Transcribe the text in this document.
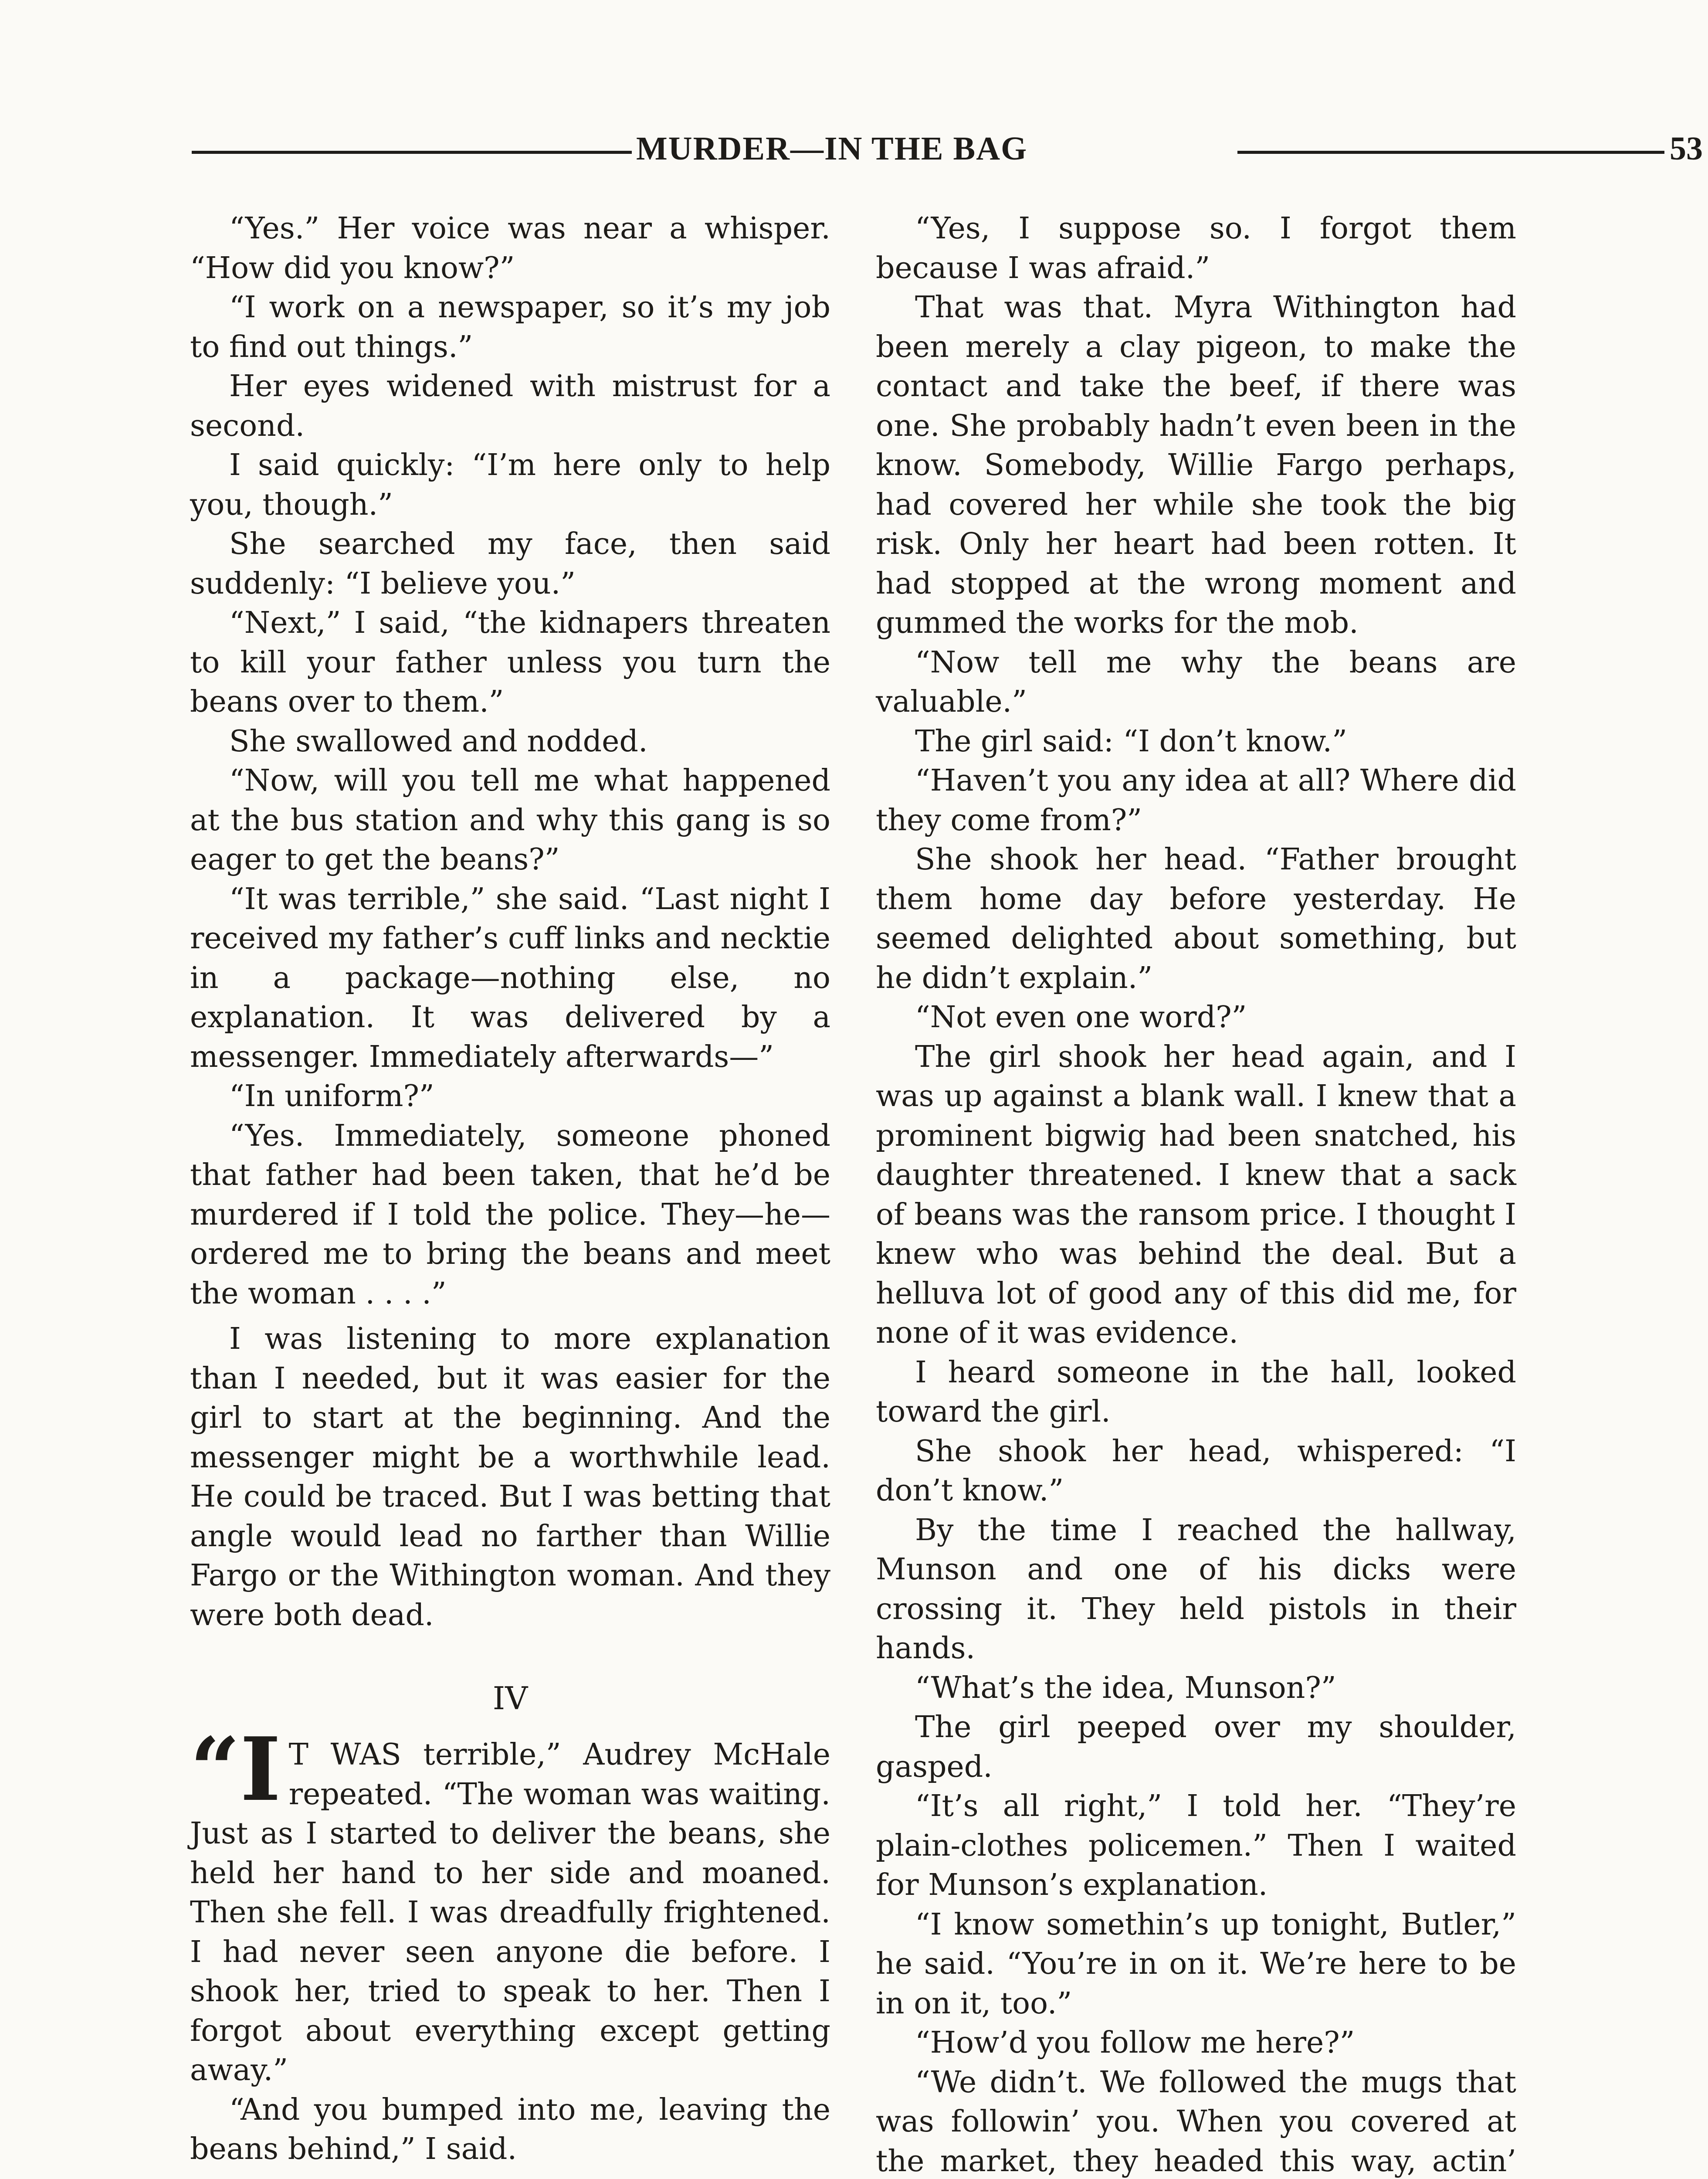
MURDER—IN THE BAG	53

“Yes.” Her voice was near a whisper. “How did you know?”

“I work on a newspaper, so it’s my job to find out things.”

Her eyes widened with mistrust for a second.

I said quickly: “I’m here only to help you, though.”

She searched my face, then said suddenly: “I believe you.”

“Next,” I said, “the kidnapers threaten to kill your father unless you turn the beans over to them.”

She swallowed and nodded.

“Now, will you tell me what happened at the bus station and why this gang is so eager to get the beans?”

“It was terrible,” she said. “Last night I received my father’s cuff links and necktie in a package—nothing else, no explanation. It was delivered by a messenger. Immediately afterwards—”

“In uniform?”

“Yes. Immediately, someone phoned that father had been taken, that he’d be murdered if I told the police. They—he—ordered me to bring the beans and meet the woman . . . .”

I was listening to more explanation than I needed, but it was easier for the girl to start at the beginning. And the messenger might be a worthwhile lead. He could be traced. But I was betting that angle would lead no farther than Willie Fargo or the Withington woman. And they were both dead.

IV

“I T WAS terrible,” Audrey McHale repeated. “The woman was waiting. Just as I started to deliver the beans, she held her hand to her side and moaned. Then she fell. I was dreadfully frightened. I had never seen anyone die before. I shook her, tried to speak to her. Then I forgot about everything except getting away.”

“And you bumped into me, leaving the beans behind,” I said.

“Yes, I suppose so. I forgot them because I was afraid.”

That was that. Myra Withington had been merely a clay pigeon, to make the contact and take the beef, if there was one. She probably hadn’t even been in the know. Somebody, Willie Fargo perhaps, had covered her while she took the big risk. Only her heart had been rotten. It had stopped at the wrong moment and gummed the works for the mob.

“Now tell me why the beans are valuable.”

The girl said: “I don’t know.”

“Haven’t you any idea at all? Where did they come from?”

She shook her head. “Father brought them home day before yesterday. He seemed delighted about something, but he didn’t explain.”

“Not even one word?”

The girl shook her head again, and I was up against a blank wall. I knew that a prominent bigwig had been snatched, his daughter threatened. I knew that a sack of beans was the ransom price. I thought I knew who was behind the deal. But a helluva lot of good any of this did me, for none of it was evidence.

I heard someone in the hall, looked toward the girl.

She shook her head, whispered: “I don’t know.”

By the time I reached the hallway, Munson and one of his dicks were crossing it. They held pistols in their hands.

“What’s the idea, Munson?”

The girl peeped over my shoulder, gasped.

“It’s all right,” I told her. “They’re plain-clothes policemen.” Then I waited for Munson’s explanation.

“I know somethin’s up tonight, Butler,” he said. “You’re in on it. We’re here to be in on it, too.”

“How’d you follow me here?”

“We didn’t. We followed the mugs that was followin’ you. When you covered at the market, they headed this way, actin’
